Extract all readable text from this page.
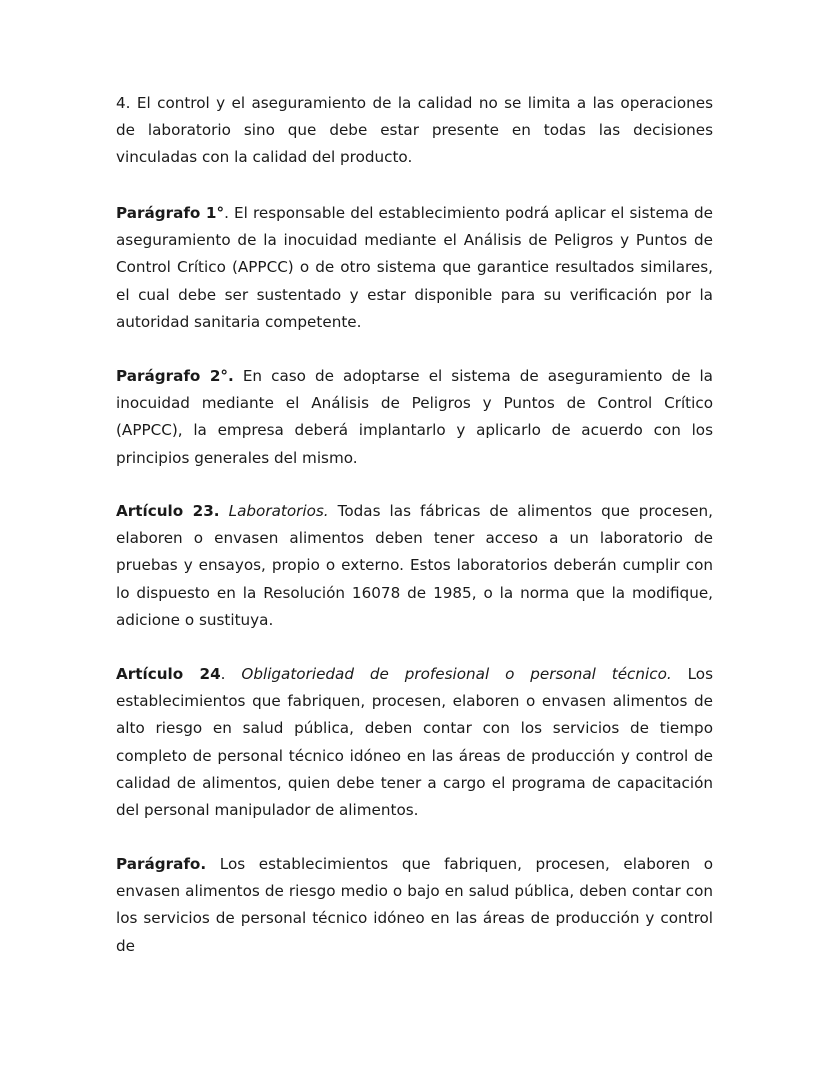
4. El control y el aseguramiento de la calidad no se limita a las operaciones de laboratorio sino que debe estar presente en todas las decisiones vinculadas con la calidad del producto.

Parágrafo 1°. El responsable del establecimiento podrá aplicar el sistema de aseguramiento de la inocuidad mediante el Análisis de Peligros y Puntos de Control Crítico (APPCC) o de otro sistema que garantice resultados similares, el cual debe ser sustentado y estar disponible para su verificación por la autoridad sanitaria competente.

Parágrafo 2°. En caso de adoptarse el sistema de aseguramiento de la inocuidad mediante el Análisis de Peligros y Puntos de Control Crítico (APPCC), la empresa deberá implantarlo y aplicarlo de acuerdo con los principios generales del mismo.

Artículo 23. Laboratorios. Todas las fábricas de alimentos que procesen, elaboren o envasen alimentos deben tener acceso a un laboratorio de pruebas y ensayos, propio o externo. Estos laboratorios deberán cumplir con lo dispuesto en la Resolución 16078 de 1985, o la norma que la modifique, adicione o sustituya.

Artículo 24. Obligatoriedad de profesional o personal técnico. Los establecimientos que fabriquen, procesen, elaboren o envasen alimentos de alto riesgo en salud pública, deben contar con los servicios de tiempo completo de personal técnico idóneo en las áreas de producción y control de calidad de alimentos, quien debe tener a cargo el programa de capacitación del personal manipulador de alimentos.

Parágrafo. Los establecimientos que fabriquen, procesen, elaboren o envasen alimentos de riesgo medio o bajo en salud pública, deben contar con los servicios de personal técnico idóneo en las áreas de producción y control de
